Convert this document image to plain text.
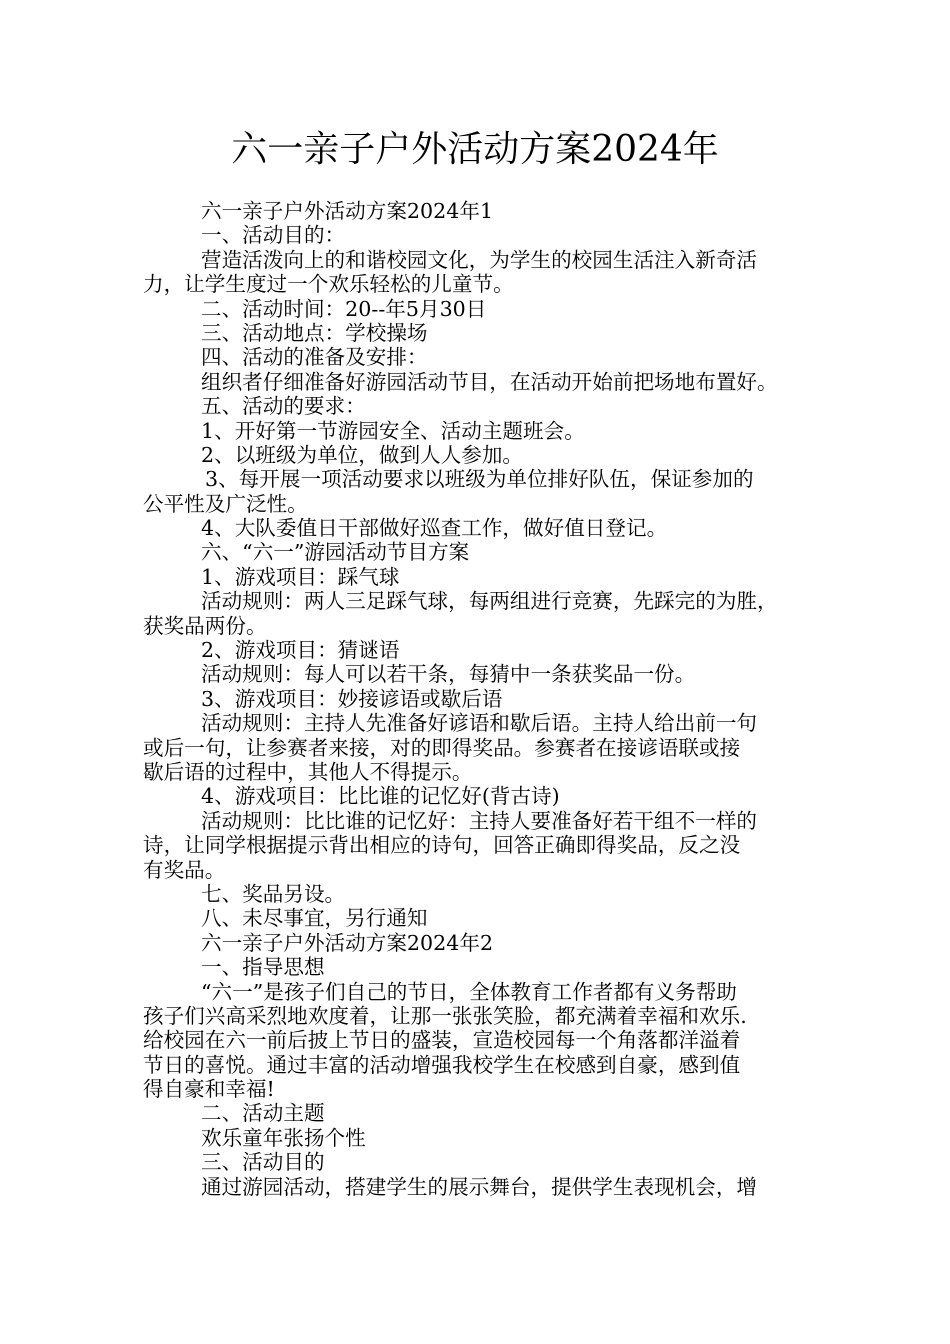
六一亲子户外活动方案2024年
六一亲子户外活动方案2024年1
一、活动目的：
营造活泼向上的和谐校园文化，为学生的校园生活注入新奇活
力，让学生度过一个欢乐轻松的儿童节。
二、活动时间：20--年5月30日
三、活动地点：学校操场
四、活动的准备及安排：
组织者仔细准备好游园活动节目，在活动开始前把场地布置好。
五、活动的要求：
1、开好第一节游园安全、活动主题班会。
2、以班级为单位，做到人人参加。
3、每开展一项活动要求以班级为单位排好队伍，保证参加的
公平性及广泛性。
4、大队委值日干部做好巡查工作，做好值日登记。
六、“六一”游园活动节目方案
1、游戏项目：踩气球
活动规则：两人三足踩气球，每两组进行竞赛，先踩完的为胜，
获奖品两份。
2、游戏项目：猜谜语
活动规则：每人可以若干条，每猜中一条获奖品一份。
3、游戏项目：妙接谚语或歇后语
活动规则：主持人先准备好谚语和歇后语。主持人给出前一句
或后一句，让参赛者来接，对的即得奖品。参赛者在接谚语联或接
歇后语的过程中，其他人不得提示。
4、游戏项目：比比谁的记忆好(背古诗)
活动规则：比比谁的记忆好：主持人要准备好若干组不一样的
诗，让同学根据提示背出相应的诗句，回答正确即得奖品，反之没
有奖品。
七、奖品另设。
八、未尽事宜，另行通知
六一亲子户外活动方案2024年2
一、指导思想
“六一”是孩子们自己的节日，全体教育工作者都有义务帮助
孩子们兴高采烈地欢度着，让那一张张笑脸，都充满着幸福和欢乐.
给校园在六一前后披上节日的盛装，宣造校园每一个角落都洋溢着
节日的喜悦。通过丰富的活动增强我校学生在校感到自豪，感到值
得自豪和幸福!
二、活动主题
欢乐童年张扬个性
三、活动目的
通过游园活动，搭建学生的展示舞台，提供学生表现机会，增
